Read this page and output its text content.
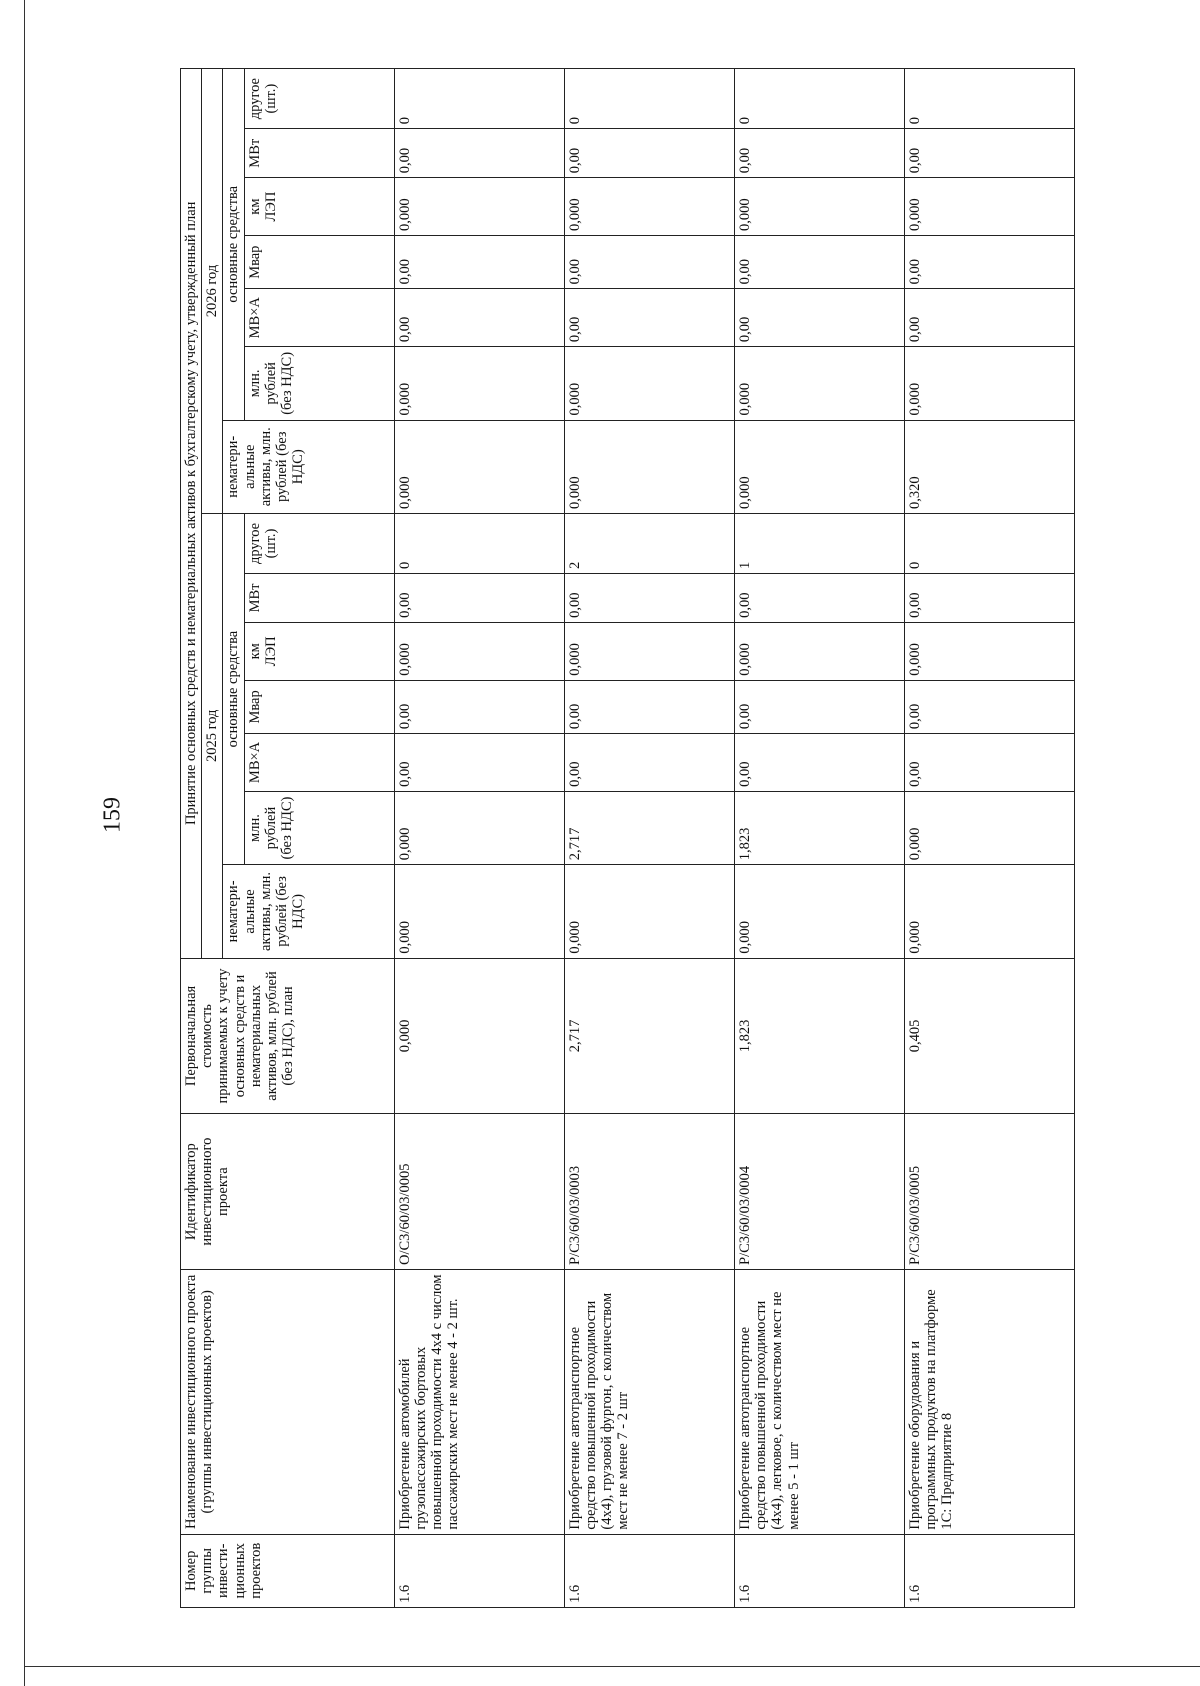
159
Номер группы инвести-ционных проектов	Наименование инвестиционного проекта (группы инвестиционных проектов)	Идентификатор инвестиционного проекта	Первоначальная стоимость принимаемых к учету основных средств и нематериальных активов, млн. рублей (без НДС), план	Принятие основных средств и нематериальных активов к бухгалтерскому учету, утвержденный план													
				2025 год							2026 год						
				нематери-альные активы, млн. рублей (без НДС)	основные средства						нематери-альные активы, млн. рублей (без НДС)	основные средства					
					млн. рублей (без НДС)	МВ×А	Мвар	км ЛЭП	МВт	другое (шт.)		млн. рублей (без НДС)	МВ×А	Мвар	км ЛЭП	МВт	другое (шт.)
1.6	Приобретение автомобилей грузопассажирских бортовых повышенной проходимости 4х4 с числом пассажирских мест не менее 4 - 2 шт.	O/C3/60/03/0005	0,000	0,000	0,000	0,00	0,00	0,000	0,00	0	0,000	0,000	0,00	0,00	0,000	0,00	0
1.6	Приобретение автотранспортное средство повышенной проходимости (4х4), грузовой фургон, с количеством мест не менее 7 - 2 шт	P/C3/60/03/0003	2,717	0,000	2,717	0,00	0,00	0,000	0,00	2	0,000	0,000	0,00	0,00	0,000	0,00	0
1.6	Приобретение автотранспортное средство повышенной проходимости (4х4), легковое, с количеством мест не менее 5 - 1 шт	P/C3/60/03/0004	1,823	0,000	1,823	0,00	0,00	0,000	0,00	1	0,000	0,000	0,00	0,00	0,000	0,00	0
1.6	Приобретение оборудования и программных продуктов на платформе 1С: Предприятие 8	P/C3/60/03/0005	0,405	0,000	0,000	0,00	0,00	0,000	0,00	0	0,320	0,000	0,00	0,00	0,000	0,00	0
